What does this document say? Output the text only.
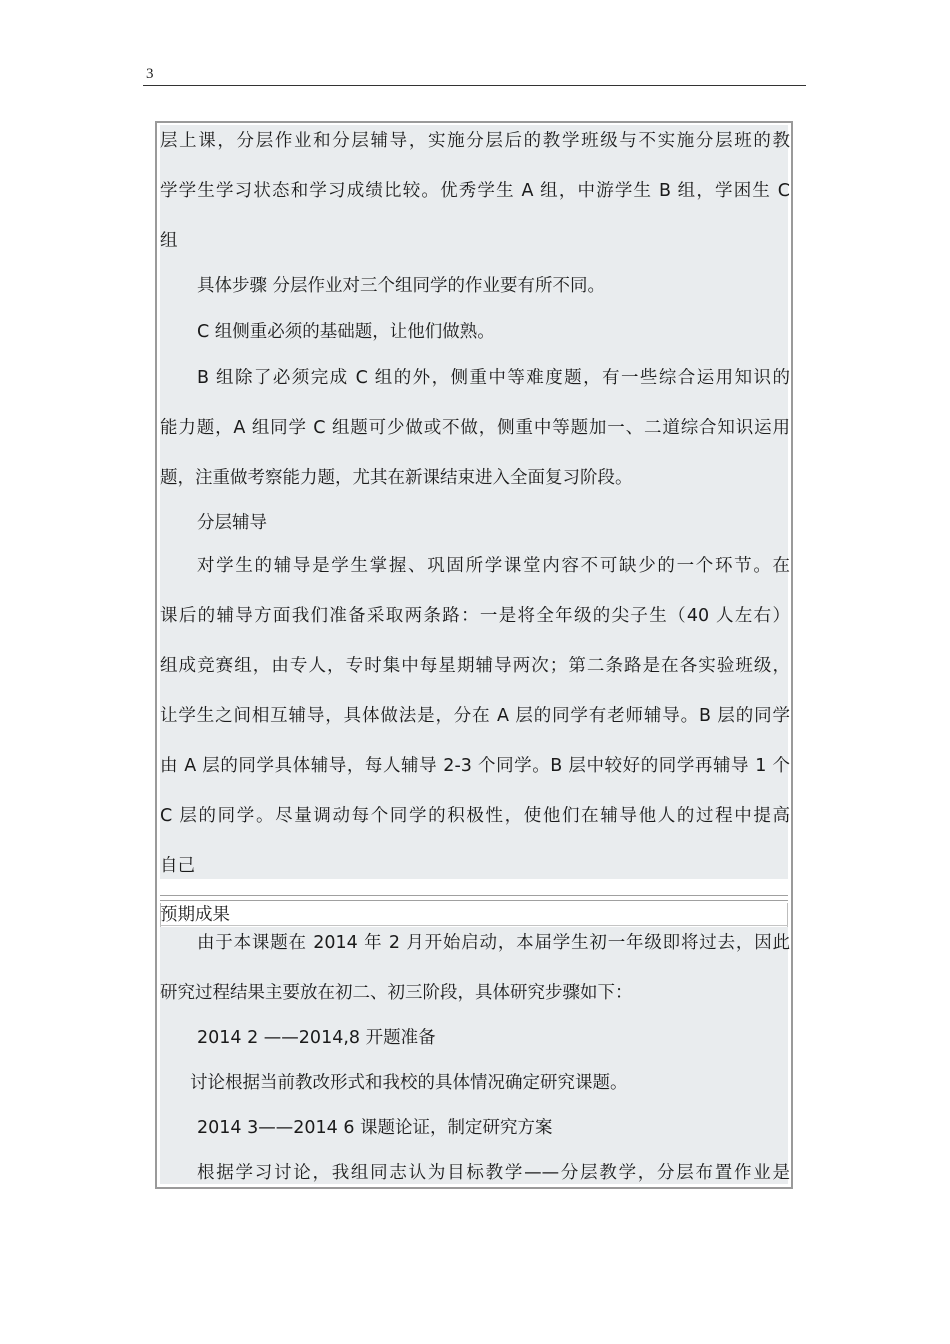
3
层上课，分层作业和分层辅导，实施分层后的教学班级与不实施分层班的教
学学生学习状态和学习成绩比较。优秀学生 A 组，中游学生 B 组，学困生 C
组
具体步骤 分层作业对三个组同学的作业要有所不同。
C 组侧重必须的基础题，让他们做熟。
B 组除了必须完成 C 组的外，侧重中等难度题，有一些综合运用知识的
能力题，A 组同学 C 组题可少做或不做，侧重中等题加一、二道综合知识运用
题，注重做考察能力题，尤其在新课结束进入全面复习阶段。
分层辅导
对学生的辅导是学生掌握、巩固所学课堂内容不可缺少的一个环节。在
课后的辅导方面我们准备采取两条路：一是将全年级的尖子生（40 人左右）
组成竞赛组，由专人，专时集中每星期辅导两次；第二条路是在各实验班级，
让学生之间相互辅导，具体做法是，分在 A 层的同学有老师辅导。B 层的同学
由 A 层的同学具体辅导，每人辅导 2-3 个同学。B 层中较好的同学再辅导 1 个
C 层的同学。尽量调动每个同学的积极性，使他们在辅导他人的过程中提高
自己
预期成果
由于本课题在 2014 年 2 月开始启动，本届学生初一年级即将过去，因此
研究过程结果主要放在初二、初三阶段，具体研究步骤如下：
2014 2 ——2014,8 开题准备
讨论根据当前教改形式和我校的具体情况确定研究课题。
2014 3——2014 6 课题论证，制定研究方案
根据学习讨论，我组同志认为目标教学——分层教学，分层布置作业是
